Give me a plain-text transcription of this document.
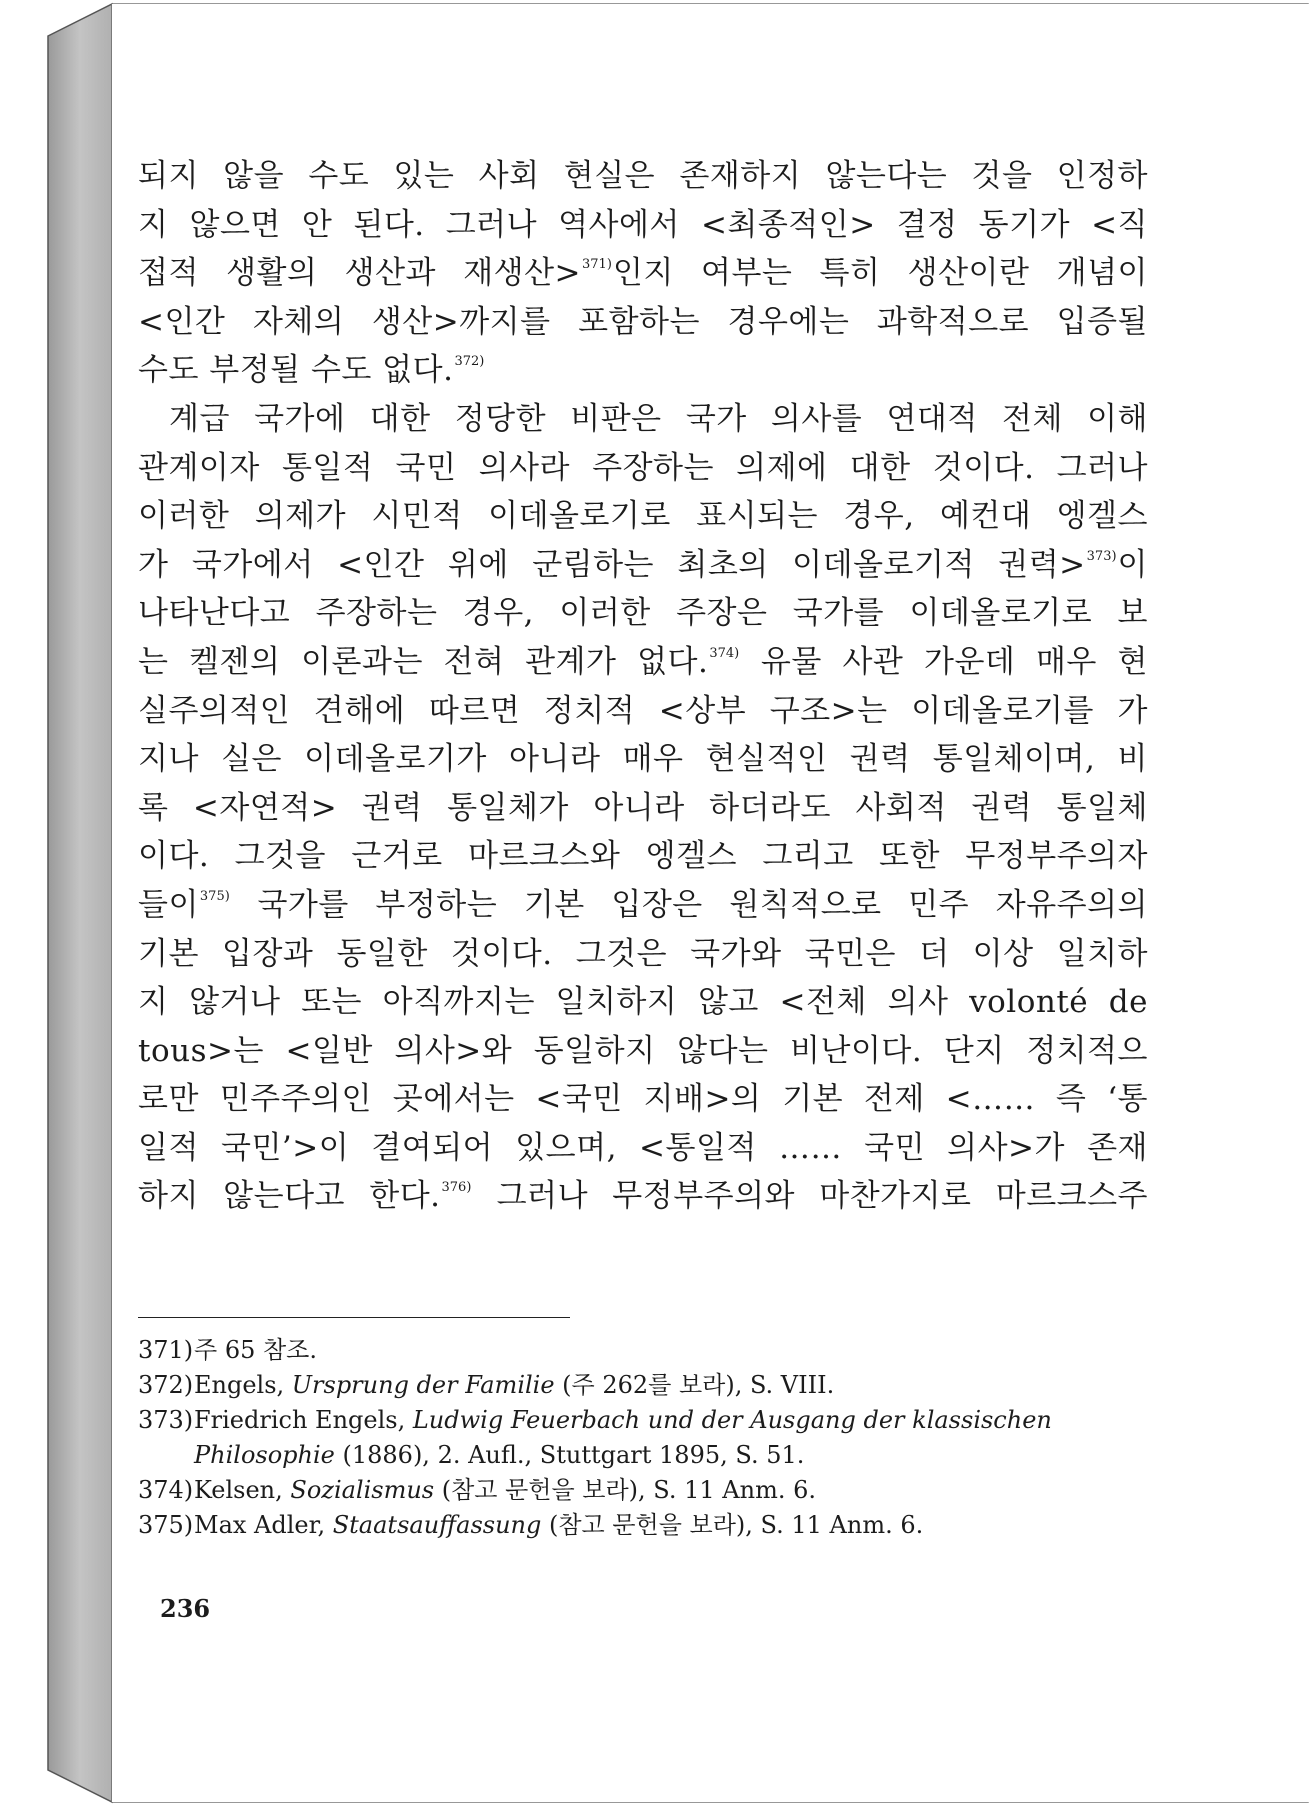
되지 않을 수도 있는 사회 현실은 존재하지 않는다는 것을 인정하
지 않으면 안 된다. 그러나 역사에서 <최종적인> 결정 동기가 <직
접적 생활의 생산과 재생산>$^{371)}$인지 여부는 특히 생산이란 개념이
<인간 자체의 생산>까지를 포함하는 경우에는 과학적으로 입증될
수도 부정될 수도 없다.$^{372)}$
계급 국가에 대한 정당한 비판은 국가 의사를 연대적 전체 이해
관계이자 통일적 국민 의사라 주장하는 의제에 대한 것이다. 그러나
이러한 의제가 시민적 이데올로기로 표시되는 경우, 예컨대 엥겔스
가 국가에서 <인간 위에 군림하는 최초의 이데올로기적 권력>$^{373)}$이
나타난다고 주장하는 경우, 이러한 주장은 국가를 이데올로기로 보
는 켈젠의 이론과는 전혀 관계가 없다.$^{374)}$ 유물 사관 가운데 매우 현
실주의적인 견해에 따르면 정치적 <상부 구조>는 이데올로기를 가
지나 실은 이데올로기가 아니라 매우 현실적인 권력 통일체이며, 비
록 <자연적> 권력 통일체가 아니라 하더라도 사회적 권력 통일체
이다. 그것을 근거로 마르크스와 엥겔스 그리고 또한 무정부주의자
들이$^{375)}$ 국가를 부정하는 기본 입장은 원칙적으로 민주 자유주의의
기본 입장과 동일한 것이다. 그것은 국가와 국민은 더 이상 일치하
지 않거나 또는 아직까지는 일치하지 않고 <전체 의사 volonté de
tous>는 <일반 의사>와 동일하지 않다는 비난이다. 단지 정치적으
로만 민주주의인 곳에서는 <국민 지배>의 기본 전제 <…… 즉 ‘통
일적 국민’>이 결여되어 있으며, <통일적 …… 국민 의사>가 존재
하지 않는다고 한다.$^{376)}$ 그러나 무정부주의와 마찬가지로 마르크스주
371) 주 65 참조.
372) Engels, Ursprung der Familie (주 262를 보라), S. VIII.
373) Friedrich Engels, Ludwig Feuerbach und der Ausgang der klassischen
Philosophie (1886), 2. Aufl., Stuttgart 1895, S. 51.
374) Kelsen, Sozialismus (참고 문헌을 보라), S. 11 Anm. 6.
375) Max Adler, Staatsauffassung (참고 문헌을 보라), S. 11 Anm. 6.
236
